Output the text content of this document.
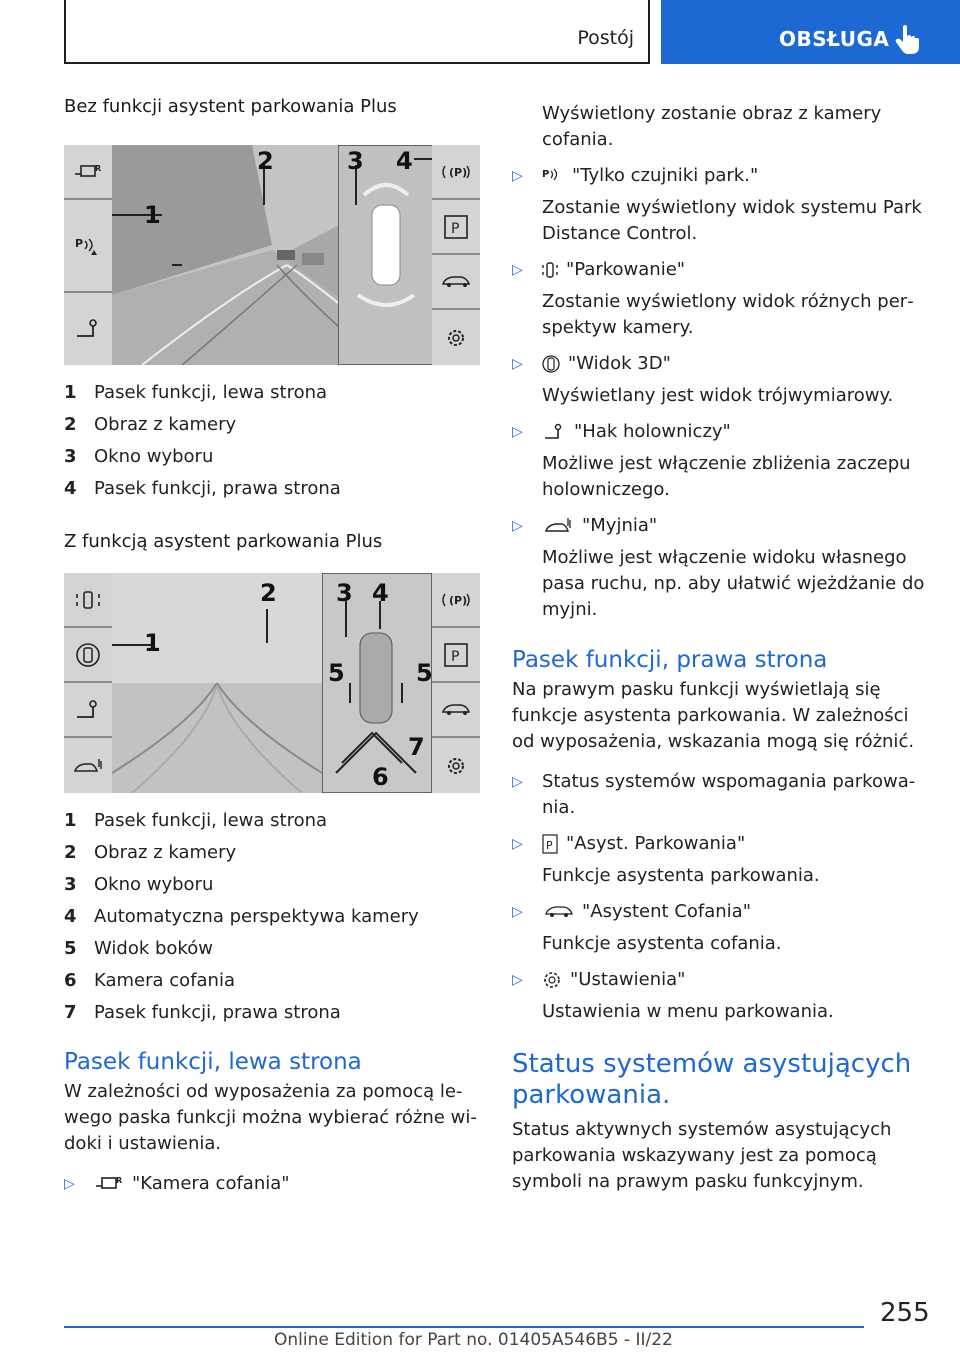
Postój	OBSŁUGA
Bez funkcji asystent parkowania Plus
R
P
(P)
P
1
2	3 4
1 Pasek funkcji, lewa strona
2 Obraz z kamery
3 Okno wyboru
4 Pasek funkcji, prawa strona
Z funkcją asystent parkowania Plus
(P)
P
1
2 3 4
5	5
6
7
1 Pasek funkcji, lewa strona
2 Obraz z kamery
3 Okno wyboru
4 Automatyczna perspektywa kamery
5 Widok boków
6 Kamera cofania
7 Pasek funkcji, prawa strona
Pasek funkcji, lewa strona

W zależności od wyposażenia za pomocą lewego paska funkcji można wybierać różne widoki i ustawienia.

▷	R "Kamera cofania"

Wyświetlony zostanie obraz z kamery cofania.

▷ P "Tylko czujniki park."
Zostanie wyświetlony widok systemu Park Distance Control.
▷ "Parkowanie"
Zostanie wyświetlony widok różnych perspektyw kamery.
▷	"Widok 3D"
Wyświetlany jest widok trójwymiarowy.
▷	"Hak holowniczy"
Możliwe jest włączenie zbliżenia zaczepu holowniczego.
▷	"Myjnia"
Możliwe jest włączenie widoku własnego pasa ruchu, np. aby ułatwić wjeżdżanie do myjni.
Pasek funkcji, prawa strona

Na prawym pasku funkcji wyświetlają się funkcje asystenta parkowania. W zależności od wyposażenia, wskazania mogą się różnić.

▷ Status systemów wspomagania parkowania.
▷ P "Asyst. Parkowania"
Funkcje asystenta parkowania.
▷	"Asystent Cofania"
Funkcje asystenta cofania.
▷	"Ustawienia"
Ustawienia w menu parkowania.
Status systemów asystujących parkowania.

Status aktywnych systemów asystujących parkowania wskazywany jest za pomocą symboli na prawym pasku funkcyjnym.

255
Online Edition for Part no. 01405A546B5 - II/22
